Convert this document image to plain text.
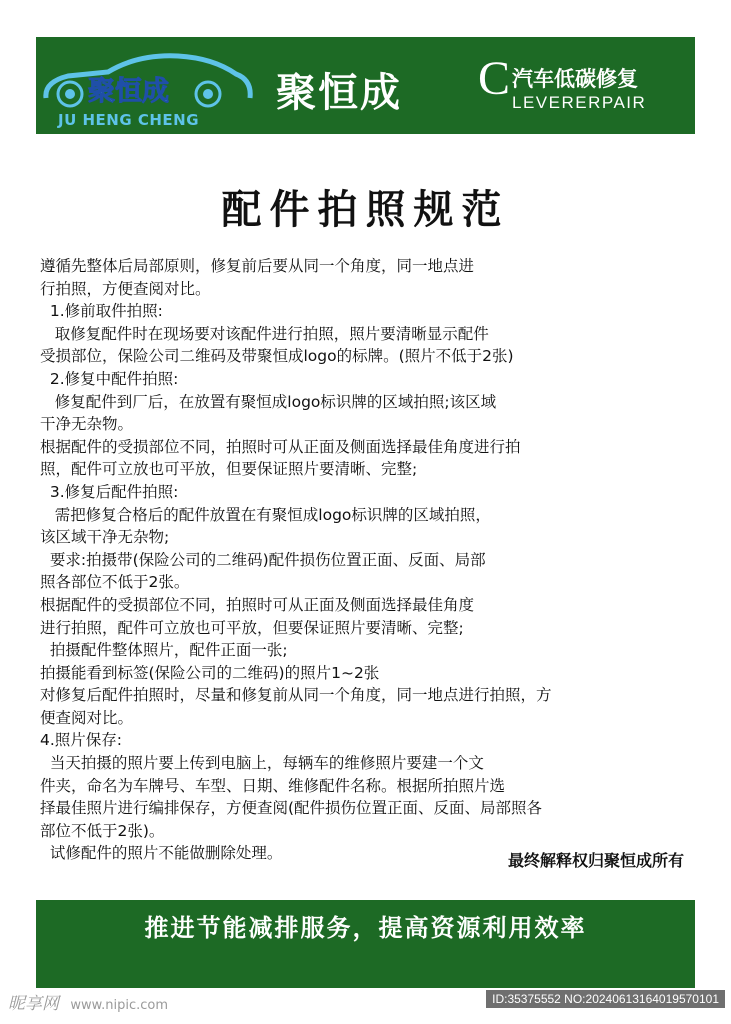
聚恒成
JU HENG CHENG
聚恒成 C 汽车低碳修复
LEVERERPAIR
配件拍照规范
遵循先整体后局部原则，修复前后要从同一个角度，同一地点进
行拍照，方便查阅对比。
1.修前取件拍照:
取修复配件时在现场要对该配件进行拍照，照片要清晰显示配件
受损部位，保险公司二维码及带聚恒成logo的标牌。(照片不低于2张)
2.修复中配件拍照:
修复配件到厂后，在放置有聚恒成logo标识牌的区域拍照;该区域
干净无杂物。
根据配件的受损部位不同，拍照时可从正面及侧面选择最佳角度进行拍
照，配件可立放也可平放，但要保证照片要清晰、完整;
3.修复后配件拍照:
需把修复合格后的配件放置在有聚恒成logo标识牌的区域拍照，
该区域干净无杂物;
要求:拍摄带(保险公司的二维码)配件损伤位置正面、反面、局部
照各部位不低于2张。
根据配件的受损部位不同，拍照时可从正面及侧面选择最佳角度
进行拍照，配件可立放也可平放，但要保证照片要清晰、完整;
拍摄配件整体照片，配件正面一张;
拍摄能看到标签(保险公司的二维码)的照片1~2张
对修复后配件拍照时，尽量和修复前从同一个角度，同一地点进行拍照，方
便查阅对比。
4.照片保存:
当天拍摄的照片要上传到电脑上，每辆车的维修照片要建一个文
件夹，命名为车牌号、车型、日期、维修配件名称。根据所拍照片选
择最佳照片进行编排保存，方便查阅(配件损伤位置正面、反面、局部照各
部位不低于2张)。
试修配件的照片不能做删除处理。	最终解释权归聚恒成所有
推进节能减排服务，提高资源利用效率
昵享网 www.nipic.com	ID:35375552 NO:20240613164019570101
